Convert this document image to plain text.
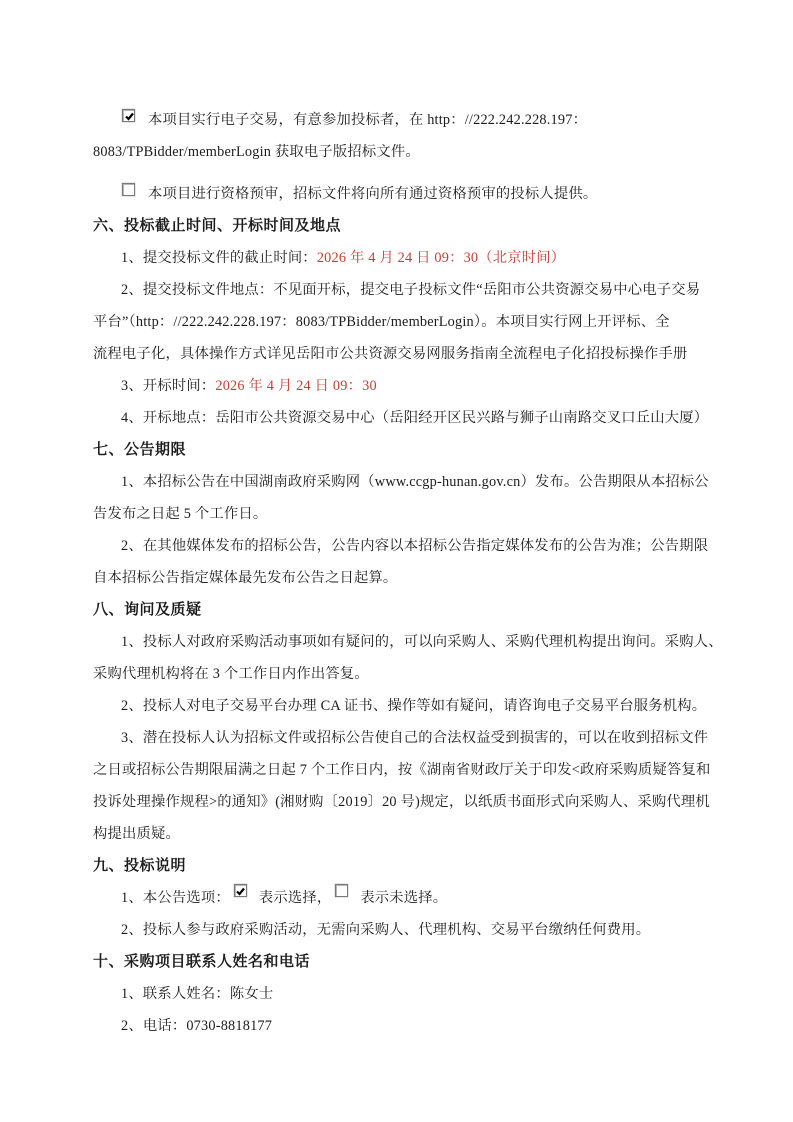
本项目实行电子交易，有意参加投标者，在 http：//222.242.228.197：
8083/TPBidder/memberLogin 获取电子版招标文件。
本项目进行资格预审，招标文件将向所有通过资格预审的投标人提供。
六、投标截止时间、开标时间及地点
1、提交投标文件的截止时间：2026 年 4 月 24 日 09：30（北京时间）
2、提交投标文件地点：不见面开标，提交电子投标文件“岳阳市公共资源交易中心电子交易
平台”（http：//222.242.228.197：8083/TPBidder/memberLogin）。本项目实行网上开评标、全
流程电子化，具体操作方式详见岳阳市公共资源交易网服务指南全流程电子化招投标操作手册
3、开标时间：2026 年 4 月 24 日 09：30
4、开标地点：岳阳市公共资源交易中心（岳阳经开区民兴路与狮子山南路交叉口丘山大厦）
七、公告期限
1、本招标公告在中国湖南政府采购网（www.ccgp-hunan.gov.cn）发布。公告期限从本招标公
告发布之日起 5 个工作日。
2、在其他媒体发布的招标公告，公告内容以本招标公告指定媒体发布的公告为准；公告期限
自本招标公告指定媒体最先发布公告之日起算。
八、询问及质疑
1、投标人对政府采购活动事项如有疑问的，可以向采购人、采购代理机构提出询问。采购人、
采购代理机构将在 3 个工作日内作出答复。
2、投标人对电子交易平台办理 CA 证书、操作等如有疑问，请咨询电子交易平台服务机构。
3、潜在投标人认为招标文件或招标公告使自己的合法权益受到损害的，可以在收到招标文件
之日或招标公告期限届满之日起 7 个工作日内，按《湖南省财政厅关于印发<政府采购质疑答复和
投诉处理操作规程>的通知》(湘财购〔2019〕20 号)规定，以纸质书面形式向采购人、采购代理机
构提出质疑。
九、投标说明
1、本公告选项： 表示选择， 表示未选择。
2、投标人参与政府采购活动，无需向采购人、代理机构、交易平台缴纳任何费用。
十、采购项目联系人姓名和电话
1、联系人姓名：陈女士
2、电话：0730-8818177
